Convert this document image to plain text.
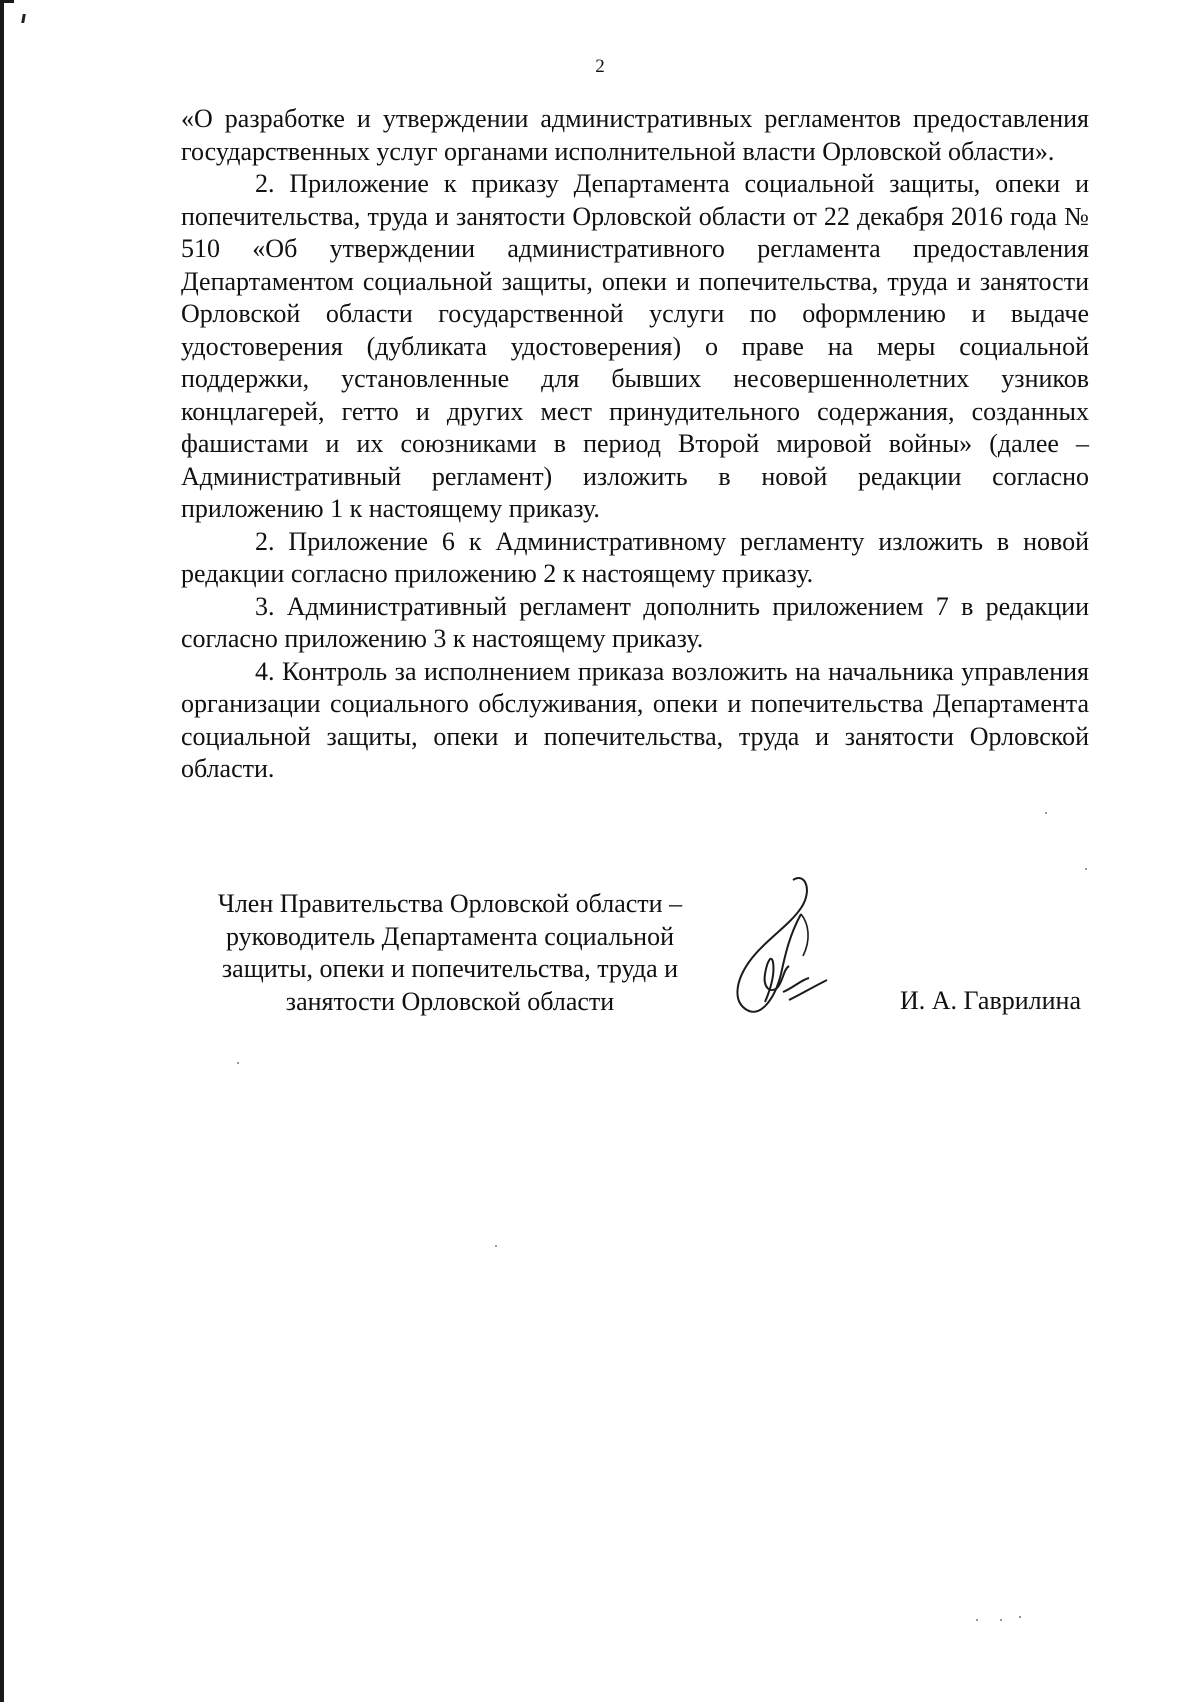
2

«О разработке и утверждении административных регламентов предоставления государственных услуг органами исполнительной власти Орловской области».

2. Приложение к приказу Департамента социальной защиты, опеки и попечительства, труда и занятости Орловской области от 22 декабря 2016 года № 510 «Об утверждении административного регламента предоставления Департаментом социальной защиты, опеки и попечительства, труда и занятости Орловской области государственной услуги по оформлению и выдаче удостоверения (дубликата удостоверения) о праве на меры социальной поддержки, установленные для бывших несовершеннолетних узников концлагерей, гетто и других мест принудительного содержания, созданных фашистами и их союзниками в период Второй мировой войны» (далее – Административный регламент) изложить в новой редакции согласно приложению 1 к настоящему приказу.

2. Приложение 6 к Административному регламенту изложить в новой редакции согласно приложению 2 к настоящему приказу.

3. Административный регламент дополнить приложением 7 в редакции согласно приложению 3 к настоящему приказу.

4. Контроль за исполнением приказа возложить на начальника управления организации социального обслуживания, опеки и попечительства Департамента социальной защиты, опеки и попечительства, труда и занятости Орловской области.

Член Правительства Орловской области –
руководитель Департамента социальной
защиты, опеки и попечительства, труда и
занятости Орловской области	И. А. Гаврилина
